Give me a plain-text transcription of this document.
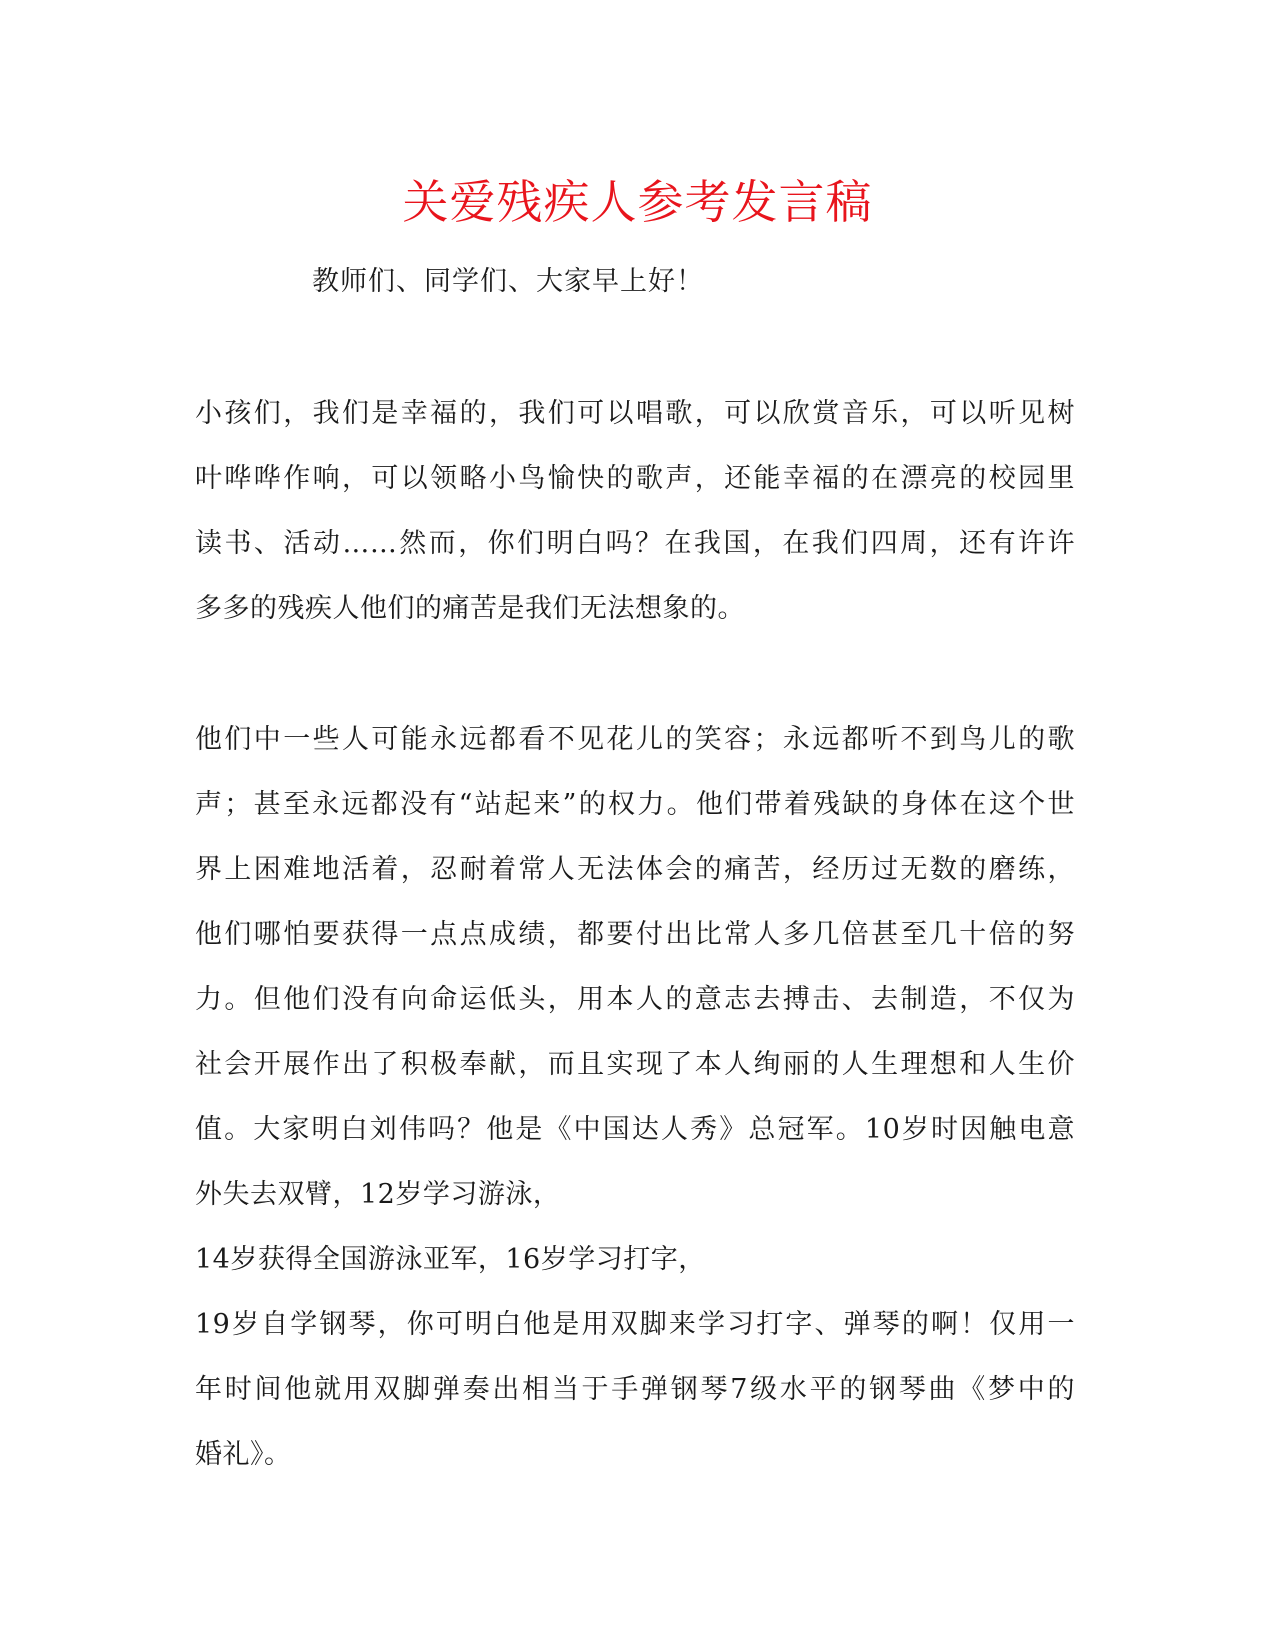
关爱残疾人参考发言稿
教师们、同学们、大家早上好！
小孩们，我们是幸福的，我们可以唱歌，可以欣赏音乐，可以听见树
叶哗哗作响，可以领略小鸟愉快的歌声，还能幸福的在漂亮的校园里
读书、活动……然而，你们明白吗？在我国，在我们四周，还有许许
多多的残疾人他们的痛苦是我们无法想象的。
他们中一些人可能永远都看不见花儿的笑容；永远都听不到鸟儿的歌
声；甚至永远都没有“站起来”的权力。他们带着残缺的身体在这个世
界上困难地活着，忍耐着常人无法体会的痛苦，经历过无数的磨练，
他们哪怕要获得一点点成绩，都要付出比常人多几倍甚至几十倍的努
力。但他们没有向命运低头，用本人的意志去搏击、去制造，不仅为
社会开展作出了积极奉献，而且实现了本人绚丽的人生理想和人生价
值。大家明白刘伟吗？他是《中国达人秀》总冠军。10岁时因触电意
外失去双臂，12岁学习游泳，
14岁获得全国游泳亚军，16岁学习打字，
19岁自学钢琴，你可明白他是用双脚来学习打字、弹琴的啊！仅用一
年时间他就用双脚弹奏出相当于手弹钢琴7级水平的钢琴曲《梦中的
婚礼》。
